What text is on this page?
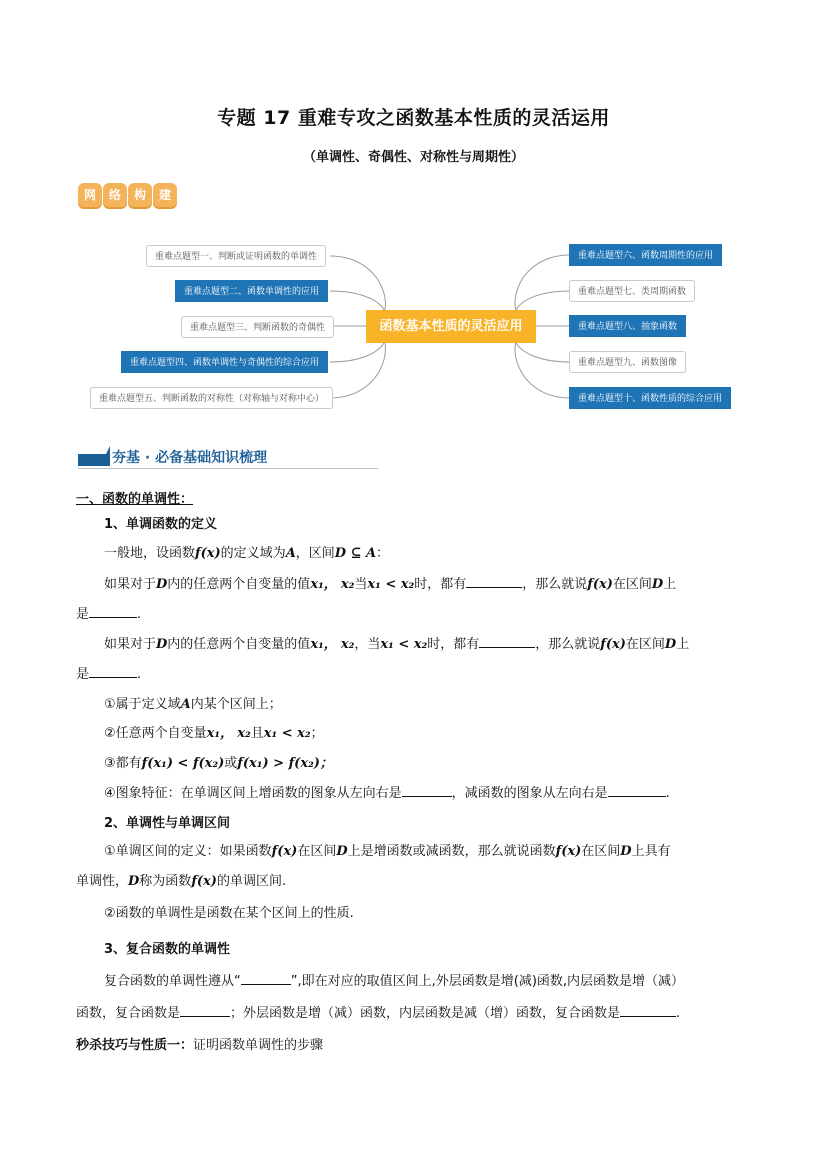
专题 17 重难专攻之函数基本性质的灵活运用
（单调性、奇偶性、对称性与周期性）
网	络	构	建
重难点题型一、判断或证明函数的单调性
重难点题型二、函数单调性的应用
重难点题型三、判断函数的奇偶性
重难点题型四、函数单调性与奇偶性的综合应用
重难点题型五、判断函数的对称性（对称轴与对称中心）
函数基本性质的灵活应用
重难点题型六、函数周期性的应用
重难点题型七、类周期函数
重难点题型八、抽象函数
重难点题型九、函数图像
重难点题型十、函数性质的综合应用
夯基 · 必备基础知识梳理
一、函数的单调性：
1、单调函数的定义
一般地，设函数f(x)的定义域为A，区间D ⊆ A：
如果对于D内的任意两个自变量的值x₁， x₂当x₁ < x₂时，都有	，那么就说f(x)在区间D上
是	.
如果对于D内的任意两个自变量的值x₁， x₂，当x₁ < x₂时，都有	，那么就说f(x)在区间D上
是	.
①属于定义域A内某个区间上；
②任意两个自变量x₁， x₂且x₁ < x₂；
③都有f(x₁) < f(x₂)或f(x₁) > f(x₂)；
④图象特征：在单调区间上增函数的图象从左向右是	，减函数的图象从左向右是	.
2、单调性与单调区间
①单调区间的定义：如果函数f(x)在区间D上是增函数或减函数，那么就说函数f(x)在区间D上具有
单调性，D称为函数f(x)的单调区间.
②函数的单调性是函数在某个区间上的性质.
3、复合函数的单调性
复合函数的单调性遵从“	”,即在对应的取值区间上,外层函数是增(减)函数,内层函数是增（减）
函数，复合函数是	；外层函数是增（减）函数，内层函数是减（增）函数，复合函数是	.
秒杀技巧与性质一：证明函数单调性的步骤
